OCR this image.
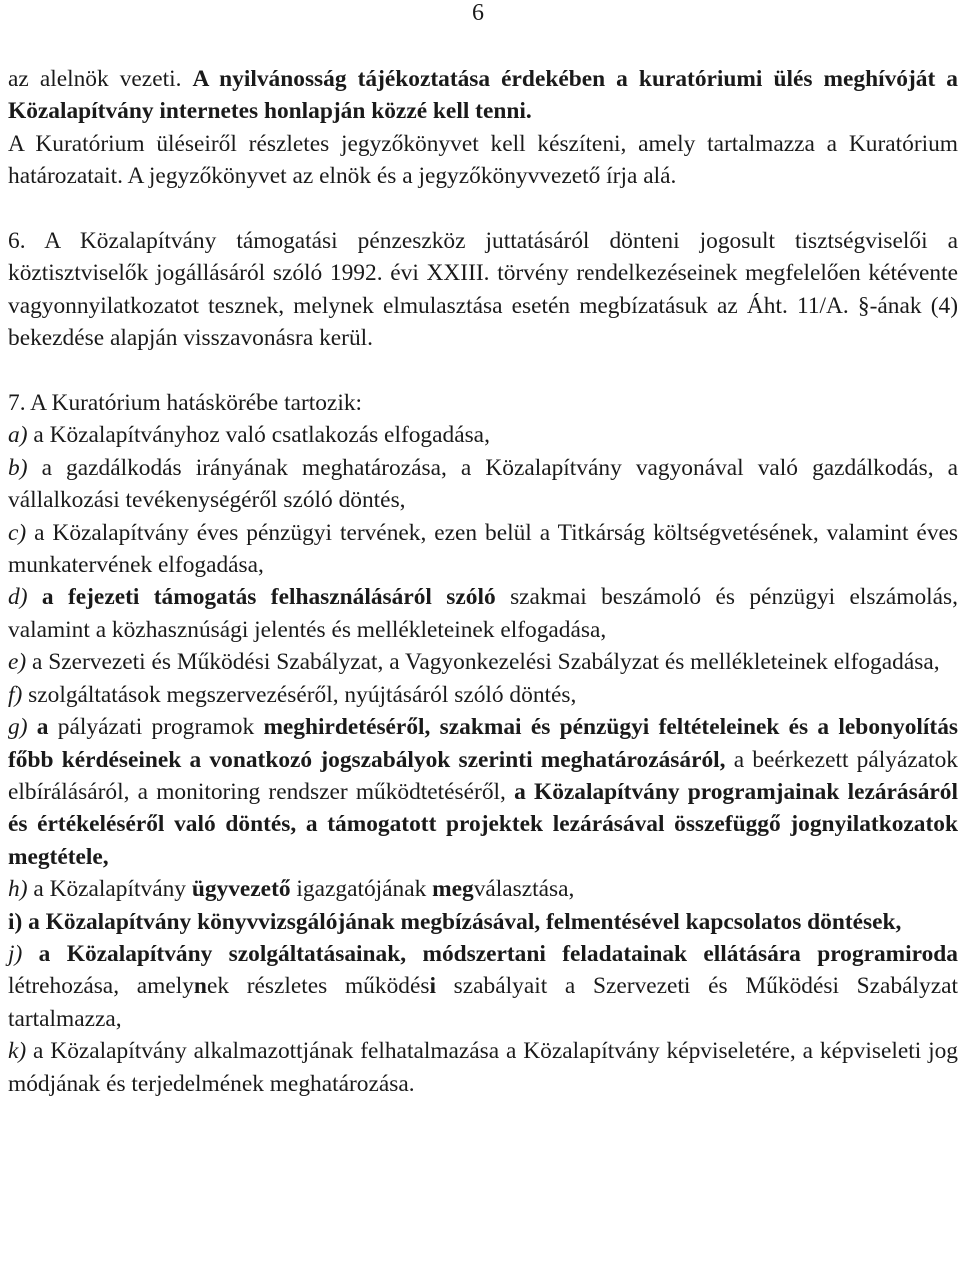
6

az alelnök vezeti. A nyilvánosság tájékoztatása érdekében a kuratóriumi ülés meghívóját a Közalapítvány internetes honlapján közzé kell tenni.
A Kuratórium üléseiről részletes jegyzőkönyvet kell készíteni, amely tartalmazza a Kuratórium határozatait. A jegyzőkönyvet az elnök és a jegyzőkönyvvezető írja alá.

6. A Közalapítvány támogatási pénzeszköz juttatásáról dönteni jogosult tisztségviselői a köztisztviselők jogállásáról szóló 1992. évi XXIII. törvény rendelkezéseinek megfelelően kétévente vagyonnyilatkozatot tesznek, melynek elmulasztása esetén megbízatásuk az Áht. 11/A. §-ának (4) bekezdése alapján visszavonásra kerül.

7. A Kuratórium hatáskörébe tartozik:

a) a Közalapítványhoz való csatlakozás elfogadása,

b) a gazdálkodás irányának meghatározása, a Közalapítvány vagyonával való gazdálkodás, a vállalkozási tevékenységéről szóló döntés,

c) a Közalapítvány éves pénzügyi tervének, ezen belül a Titkárság költségvetésének, valamint éves munkatervének elfogadása,

d) a fejezeti támogatás felhasználásáról szóló szakmai beszámoló és pénzügyi elszámolás, valamint a közhasznúsági jelentés és mellékleteinek elfogadása,

e) a Szervezeti és Működési Szabályzat, a Vagyonkezelési Szabályzat és mellékleteinek elfogadása,

f) szolgáltatások megszervezéséről, nyújtásáról szóló döntés,

g) a pályázati programok meghirdetéséről, szakmai és pénzügyi feltételeinek és a lebonyolítás főbb kérdéseinek a vonatkozó jogszabályok szerinti meghatározásáról, a beérkezett pályázatok elbírálásáról, a monitoring rendszer működtetéséről, a Közalapítvány programjainak lezárásáról és értékeléséről való döntés, a támogatott projektek lezárásával összefüggő jognyilatkozatok megtétele,

h) a Közalapítvány ügyvezető igazgatójának megválasztása,

i) a Közalapítvány könyvvizsgálójának megbízásával, felmentésével kapcsolatos döntések,

j) a Közalapítvány szolgáltatásainak, módszertani feladatainak ellátására programiroda létrehozása, amelynek részletes működési szabályait a Szervezeti és Működési Szabályzat tartalmazza,

k) a Közalapítvány alkalmazottjának felhatalmazása a Közalapítvány képviseletére, a képviseleti jog módjának és terjedelmének meghatározása.
